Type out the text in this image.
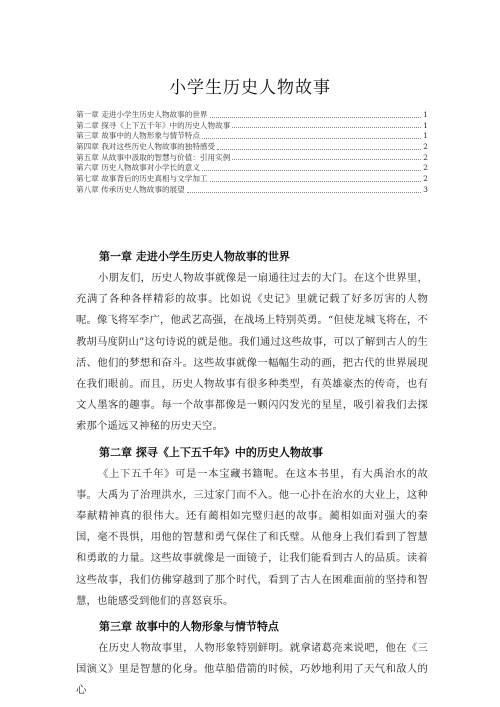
小学生历史人物故事
第一章 走进小学生历史人物故事的世界	1
第二章 探寻《上下五千年》中的历史人物故事	1
第三章 故事中的人物形象与情节特点	1
第四章 我对这些历史人物故事的独特感受	2
第五章 从故事中汲取的智慧与价值：引用实例	2
第六章 历史人物故事对小学长的意义	2
第七章 故事背后的历史真相与文学加工	2
第八章 传承历史人物故事的展望	3
第一章 走进小学生历史人物故事的世界

小朋友们，历史人物故事就像是一扇通往过去的大门。在这个世界里，充满了各种各样精彩的故事。比如说《史记》里就记载了好多厉害的人物呢。像飞将军李广，他武艺高强，在战场上特别英勇。“但使龙城飞将在，不教胡马度阴山”这句诗说的就是他。我们通过这些故事，可以了解到古人的生活、他们的梦想和奋斗。这些故事就像一幅幅生动的画，把古代的世界展现在我们眼前。而且，历史人物故事有很多种类型，有英雄豪杰的传奇，也有文人墨客的趣事。每一个故事都像是一颗闪闪发光的星星，吸引着我们去探索那个遥远又神秘的历史天空。

第二章 探寻《上下五千年》中的历史人物故事

《上下五千年》可是一本宝藏书籍呢。在这本书里，有大禹治水的故事。大禹为了治理洪水，三过家门而不入。他一心扑在治水的大业上，这种奉献精神真的很伟大。还有蔺相如完璧归赵的故事。蔺相如面对强大的秦国，毫不畏惧，用他的智慧和勇气保住了和氏璧。从他身上我们看到了智慧和勇敢的力量。这些故事就像是一面镜子，让我们能看到古人的品质。读着这些故事，我们仿佛穿越到了那个时代，看到了古人在困难面前的坚持和智慧，也能感受到他们的喜怒哀乐。

第三章 故事中的人物形象与情节特点

在历史人物故事里，人物形象特别鲜明。就拿诸葛亮来说吧，他在《三国演义》里是智慧的化身。他草船借箭的时候，巧妙地利用了天气和敌人的心
